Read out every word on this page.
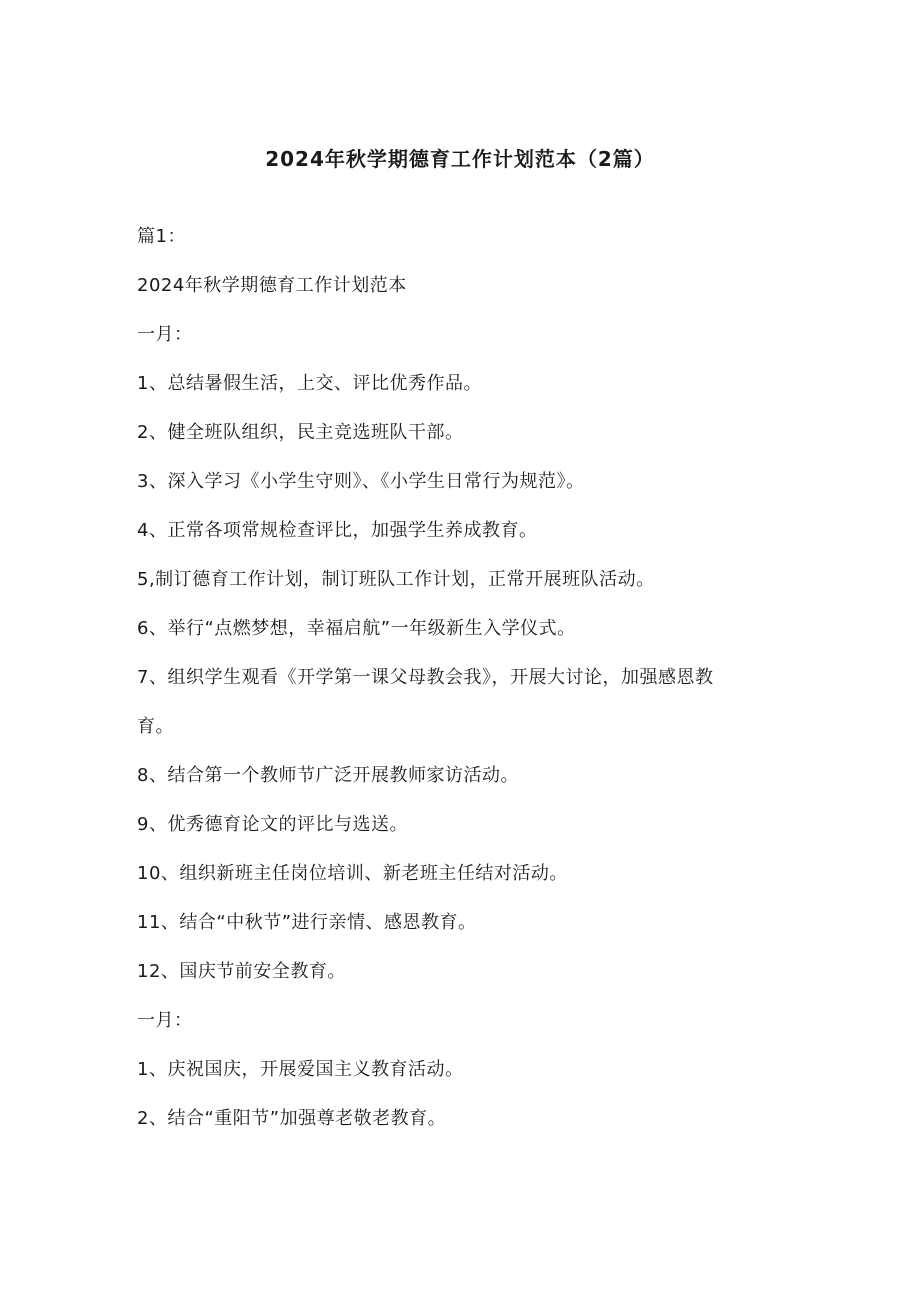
2024年秋学期德育工作计划范本（2篇）
篇1：
2024年秋学期德育工作计划范本
一月：
1、总结暑假生活，上交、评比优秀作品。
2、健全班队组织，民主竞选班队干部。
3、深入学习《小学生守则》、《小学生日常行为规范》。
4、正常各项常规检查评比，加强学生养成教育。
5,制订德育工作计划，制订班队工作计划，正常开展班队活动。
6、举行“点燃梦想，幸福启航”一年级新生入学仪式。
7、组织学生观看《开学第一课父母教会我》，开展大讨论，加强感恩教
育。
8、结合第一个教师节广泛开展教师家访活动。
9、优秀德育论文的评比与选送。
10、组织新班主任岗位培训、新老班主任结对活动。
11、结合“中秋节”进行亲情、感恩教育。
12、国庆节前安全教育。
一月：
1、庆祝国庆，开展爱国主义教育活动。
2、结合“重阳节”加强尊老敬老教育。
